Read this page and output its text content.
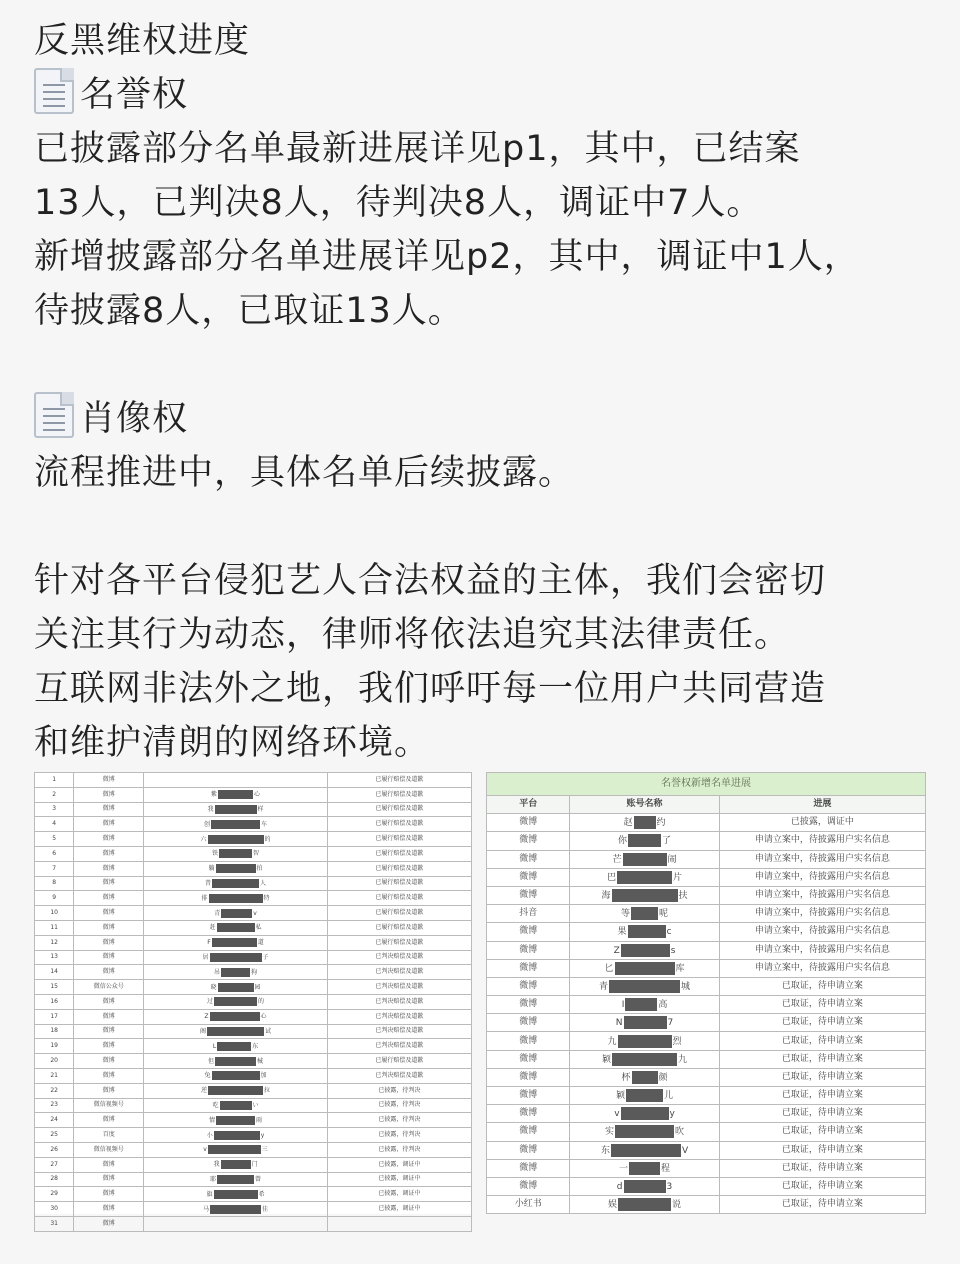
反黑维权进度

名誉权

已披露部分名单最新进展详见p1，其中，已结案

13人，已判决8人，待判决8人，调证中7人。

新增披露部分名单进展详见p2，其中，调证中1人，

待披露8人，已取证13人。

肖像权

流程推进中，具体名单后续披露。

针对各平台侵犯艺人合法权益的主体，我们会密切

关注其行为动态，律师将依法追究其法律责任。

互联网非法外之地，我们呼吁每一位用户共同营造

和维护清朗的网络环境。

1	微博		已履行赔偿及道歉
2	微博	紫 心	已履行赔偿及道歉
3	微博	我 样	已履行赔偿及道歉
4	微博	创 车	已履行赔偿及道歉
5	微博	六 的	已履行赔偿及道歉
6	微博	铁 智	已履行赔偿及道歉
7	微博	躺 拍	已履行赔偿及道歉
8	微博	昔 人	已履行赔偿及道歉
9	微博	排 特	已履行赔偿及道歉
10	微博	青 v	已履行赔偿及道歉
11	微博	赶 私	已履行赔偿及道歉
12	微博	F 道	已履行赔偿及道歉
13	微博	居 子	已判决赔偿及道歉
14	微博	吊 狗	已判决赔偿及道歉
15	微信公众号	晓 园	已判决赔偿及道歉
16	微博	过 的	已判决赔偿及道歉
17	微博	Z 心	已判决赔偿及道歉
18	微博	阁 试	已判决赔偿及道歉
19	微博	L 东	已判决赔偿及道歉
20	微博	但 械	已履行赔偿及道歉
21	微博	兔 加	已判决赔偿及道歉
22	微博	逆 拉	已披露，待判决
23	微信视频号	吃 い	已披露，待判决
24	微博	情 雨	已披露，待判决
25	百度	小 y	已披露，待判决
26	微信视频号	v 三	已披露，待判决
27	微博	我 门	已披露，调证中
28	微博	耶 曾	已披露，调证中
29	微博	旗 希	已披露，调证中
30	微博	马 佳	已披露，调证中
31	微博		
名誉权新增名单进展
平台	账号名称	进展
微博	赵 约	已披露，调证中
微博	你 了	申请立案中，待披露用户实名信息
微博	芒 闹	申请立案中，待披露用户实名信息
微博	巴 片	申请立案中，待披露用户实名信息
微博	海 扶	申请立案中，待披露用户实名信息
抖音	等 呢	申请立案中，待披露用户实名信息
微博	果 c	申请立案中，待披露用户实名信息
微博	Z s	申请立案中，待披露用户实名信息
微博	匕 库	申请立案中，待披露用户实名信息
微博	青 城	已取证，待申请立案
微博	I 高	已取证，待申请立案
微博	N 7	已取证，待申请立案
微博	九 烈	已取证，待申请立案
微博	颖 九	已取证，待申请立案
微博	杯 颜	已取证，待申请立案
微博	颖 儿	已取证，待申请立案
微博	v y	已取证，待申请立案
微博	实 吹	已取证，待申请立案
微博	东 V	已取证，待申请立案
微博	一 程	已取证，待申请立案
微博	d 3	已取证，待申请立案
小红书	娱 说	已取证，待申请立案
